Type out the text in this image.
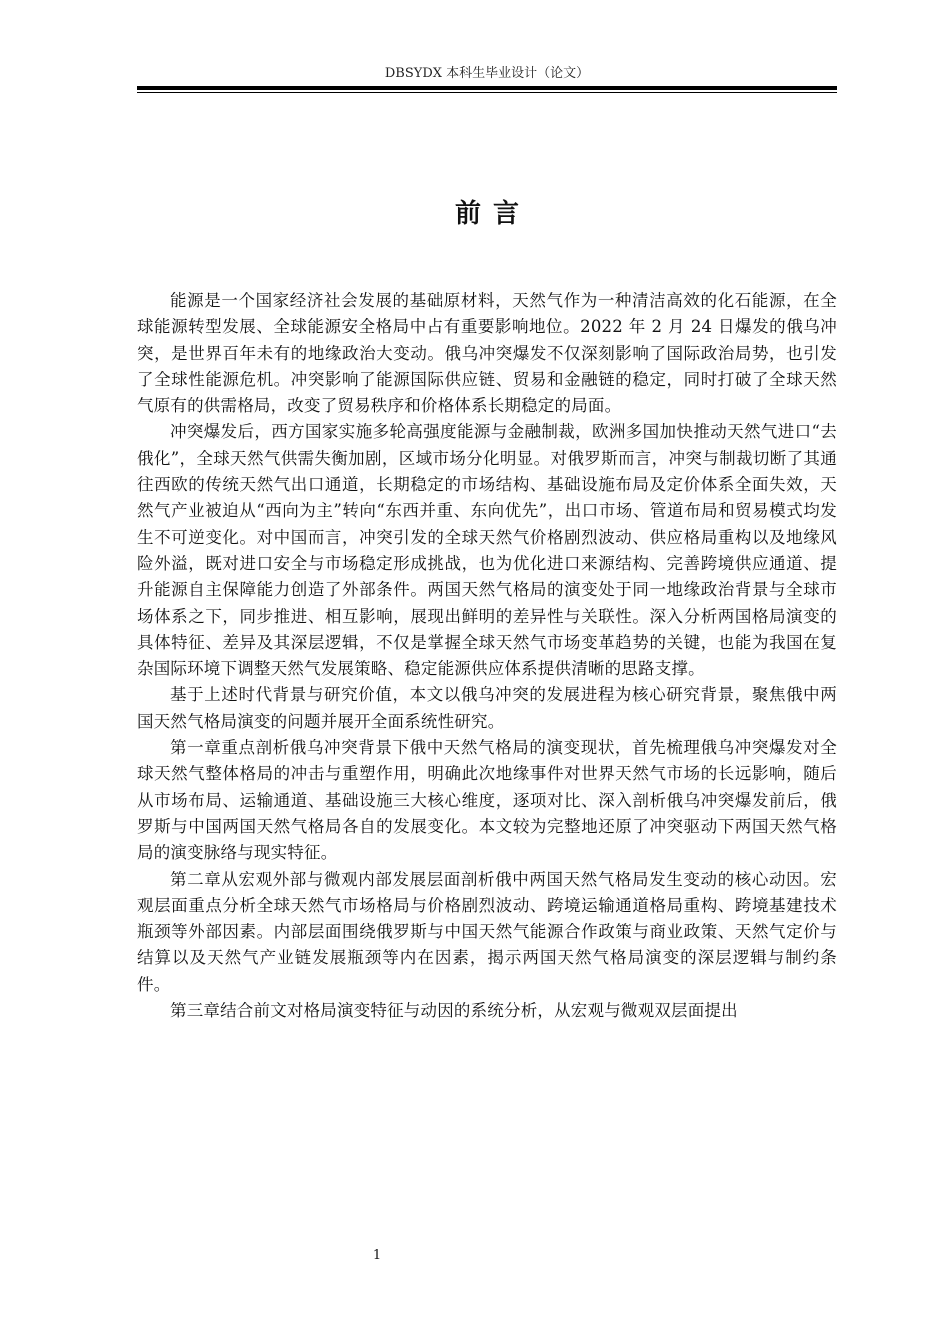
DBSYDX 本科生毕业设计（论文）
前言

能源是一个国家经济社会发展的基础原材料，天然气作为一种清洁高效的化石能源，在全球能源转型发展、全球能源安全格局中占有重要影响地位。2022 年 2 月 24 日爆发的俄乌冲突，是世界百年未有的地缘政治大变动。俄乌冲突爆发不仅深刻影响了国际政治局势，也引发了全球性能源危机。冲突影响了能源国际供应链、贸易和金融链的稳定，同时打破了全球天然气原有的供需格局，改变了贸易秩序和价格体系长期稳定的局面。

冲突爆发后，西方国家实施多轮高强度能源与金融制裁，欧洲多国加快推动天然气进口“去俄化”，全球天然气供需失衡加剧，区域市场分化明显。对俄罗斯而言，冲突与制裁切断了其通往西欧的传统天然气出口通道，长期稳定的市场结构、基础设施布局及定价体系全面失效，天然气产业被迫从“西向为主”转向“东西并重、东向优先”，出口市场、管道布局和贸易模式均发生不可逆变化。对中国而言，冲突引发的全球天然气价格剧烈波动、供应格局重构以及地缘风险外溢，既对进口安全与市场稳定形成挑战，也为优化进口来源结构、完善跨境供应通道、提升能源自主保障能力创造了外部条件。两国天然气格局的演变处于同一地缘政治背景与全球市场体系之下，同步推进、相互影响，展现出鲜明的差异性与关联性。深入分析两国格局演变的具体特征、差异及其深层逻辑，不仅是掌握全球天然气市场变革趋势的关键，也能为我国在复杂国际环境下调整天然气发展策略、稳定能源供应体系提供清晰的思路支撑。

基于上述时代背景与研究价值，本文以俄乌冲突的发展进程为核心研究背景，聚焦俄中两国天然气格局演变的问题并展开全面系统性研究。

第一章重点剖析俄乌冲突背景下俄中天然气格局的演变现状，首先梳理俄乌冲突爆发对全球天然气整体格局的冲击与重塑作用，明确此次地缘事件对世界天然气市场的长远影响，随后从市场布局、运输通道、基础设施三大核心维度，逐项对比、深入剖析俄乌冲突爆发前后，俄罗斯与中国两国天然气格局各自的发展变化。本文较为完整地还原了冲突驱动下两国天然气格局的演变脉络与现实特征。

第二章从宏观外部与微观内部发展层面剖析俄中两国天然气格局发生变动的核心动因。宏观层面重点分析全球天然气市场格局与价格剧烈波动、跨境运输通道格局重构、跨境基建技术瓶颈等外部因素。内部层面围绕俄罗斯与中国天然气能源合作政策与商业政策、天然气定价与结算以及天然气产业链发展瓶颈等内在因素，揭示两国天然气格局演变的深层逻辑与制约条件。

第三章结合前文对格局演变特征与动因的系统分析，从宏观与微观双层面提出

1
